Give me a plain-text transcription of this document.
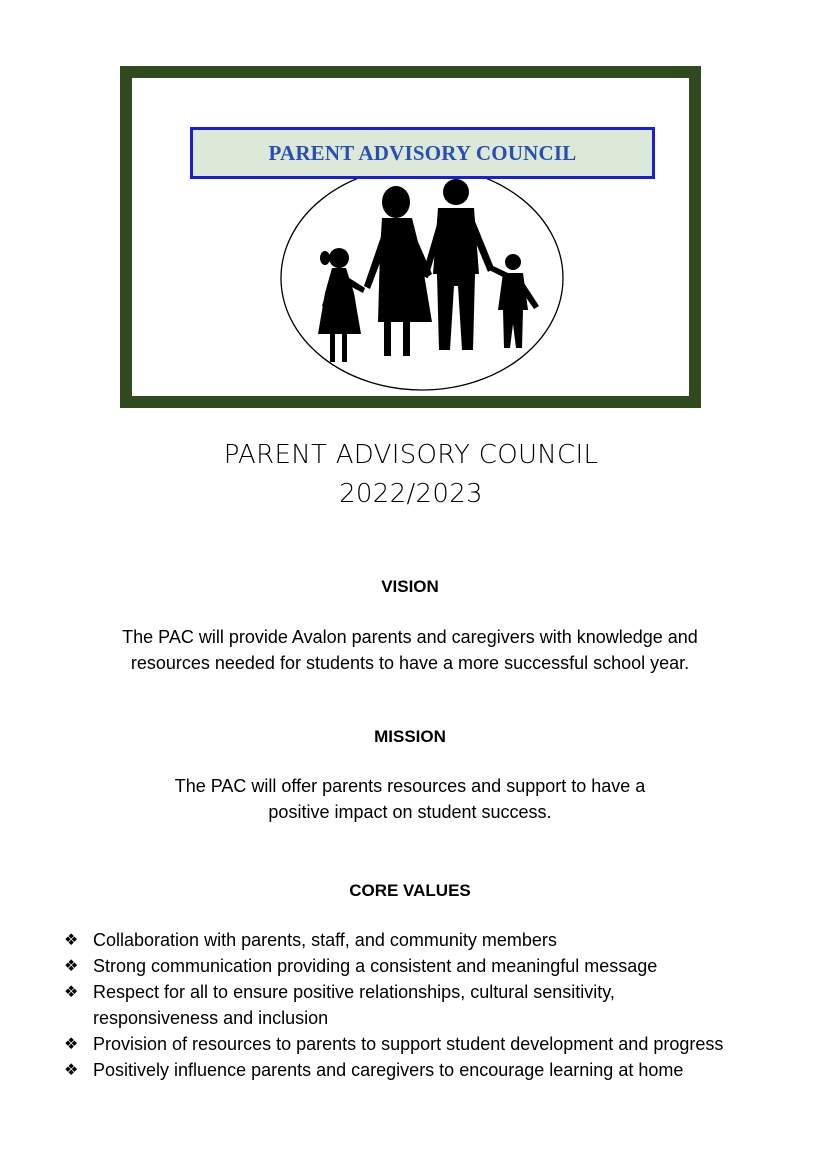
PARENT ADVISORY COUNCIL
PARENT ADVISORY COUNCIL
2022/2023
VISION
The PAC will provide Avalon parents and caregivers with knowledge and
resources needed for students to have a more successful school year.
MISSION
The PAC will offer parents resources and support to have a
positive impact on student success.
CORE VALUES
❖ Collaboration with parents, staff, and community members
❖ Strong communication providing a consistent and meaningful message
❖ Respect for all to ensure positive relationships, cultural sensitivity, responsiveness and inclusion
❖ Provision of resources to parents to support student development and progress
❖ Positively influence parents and caregivers to encourage learning at home
